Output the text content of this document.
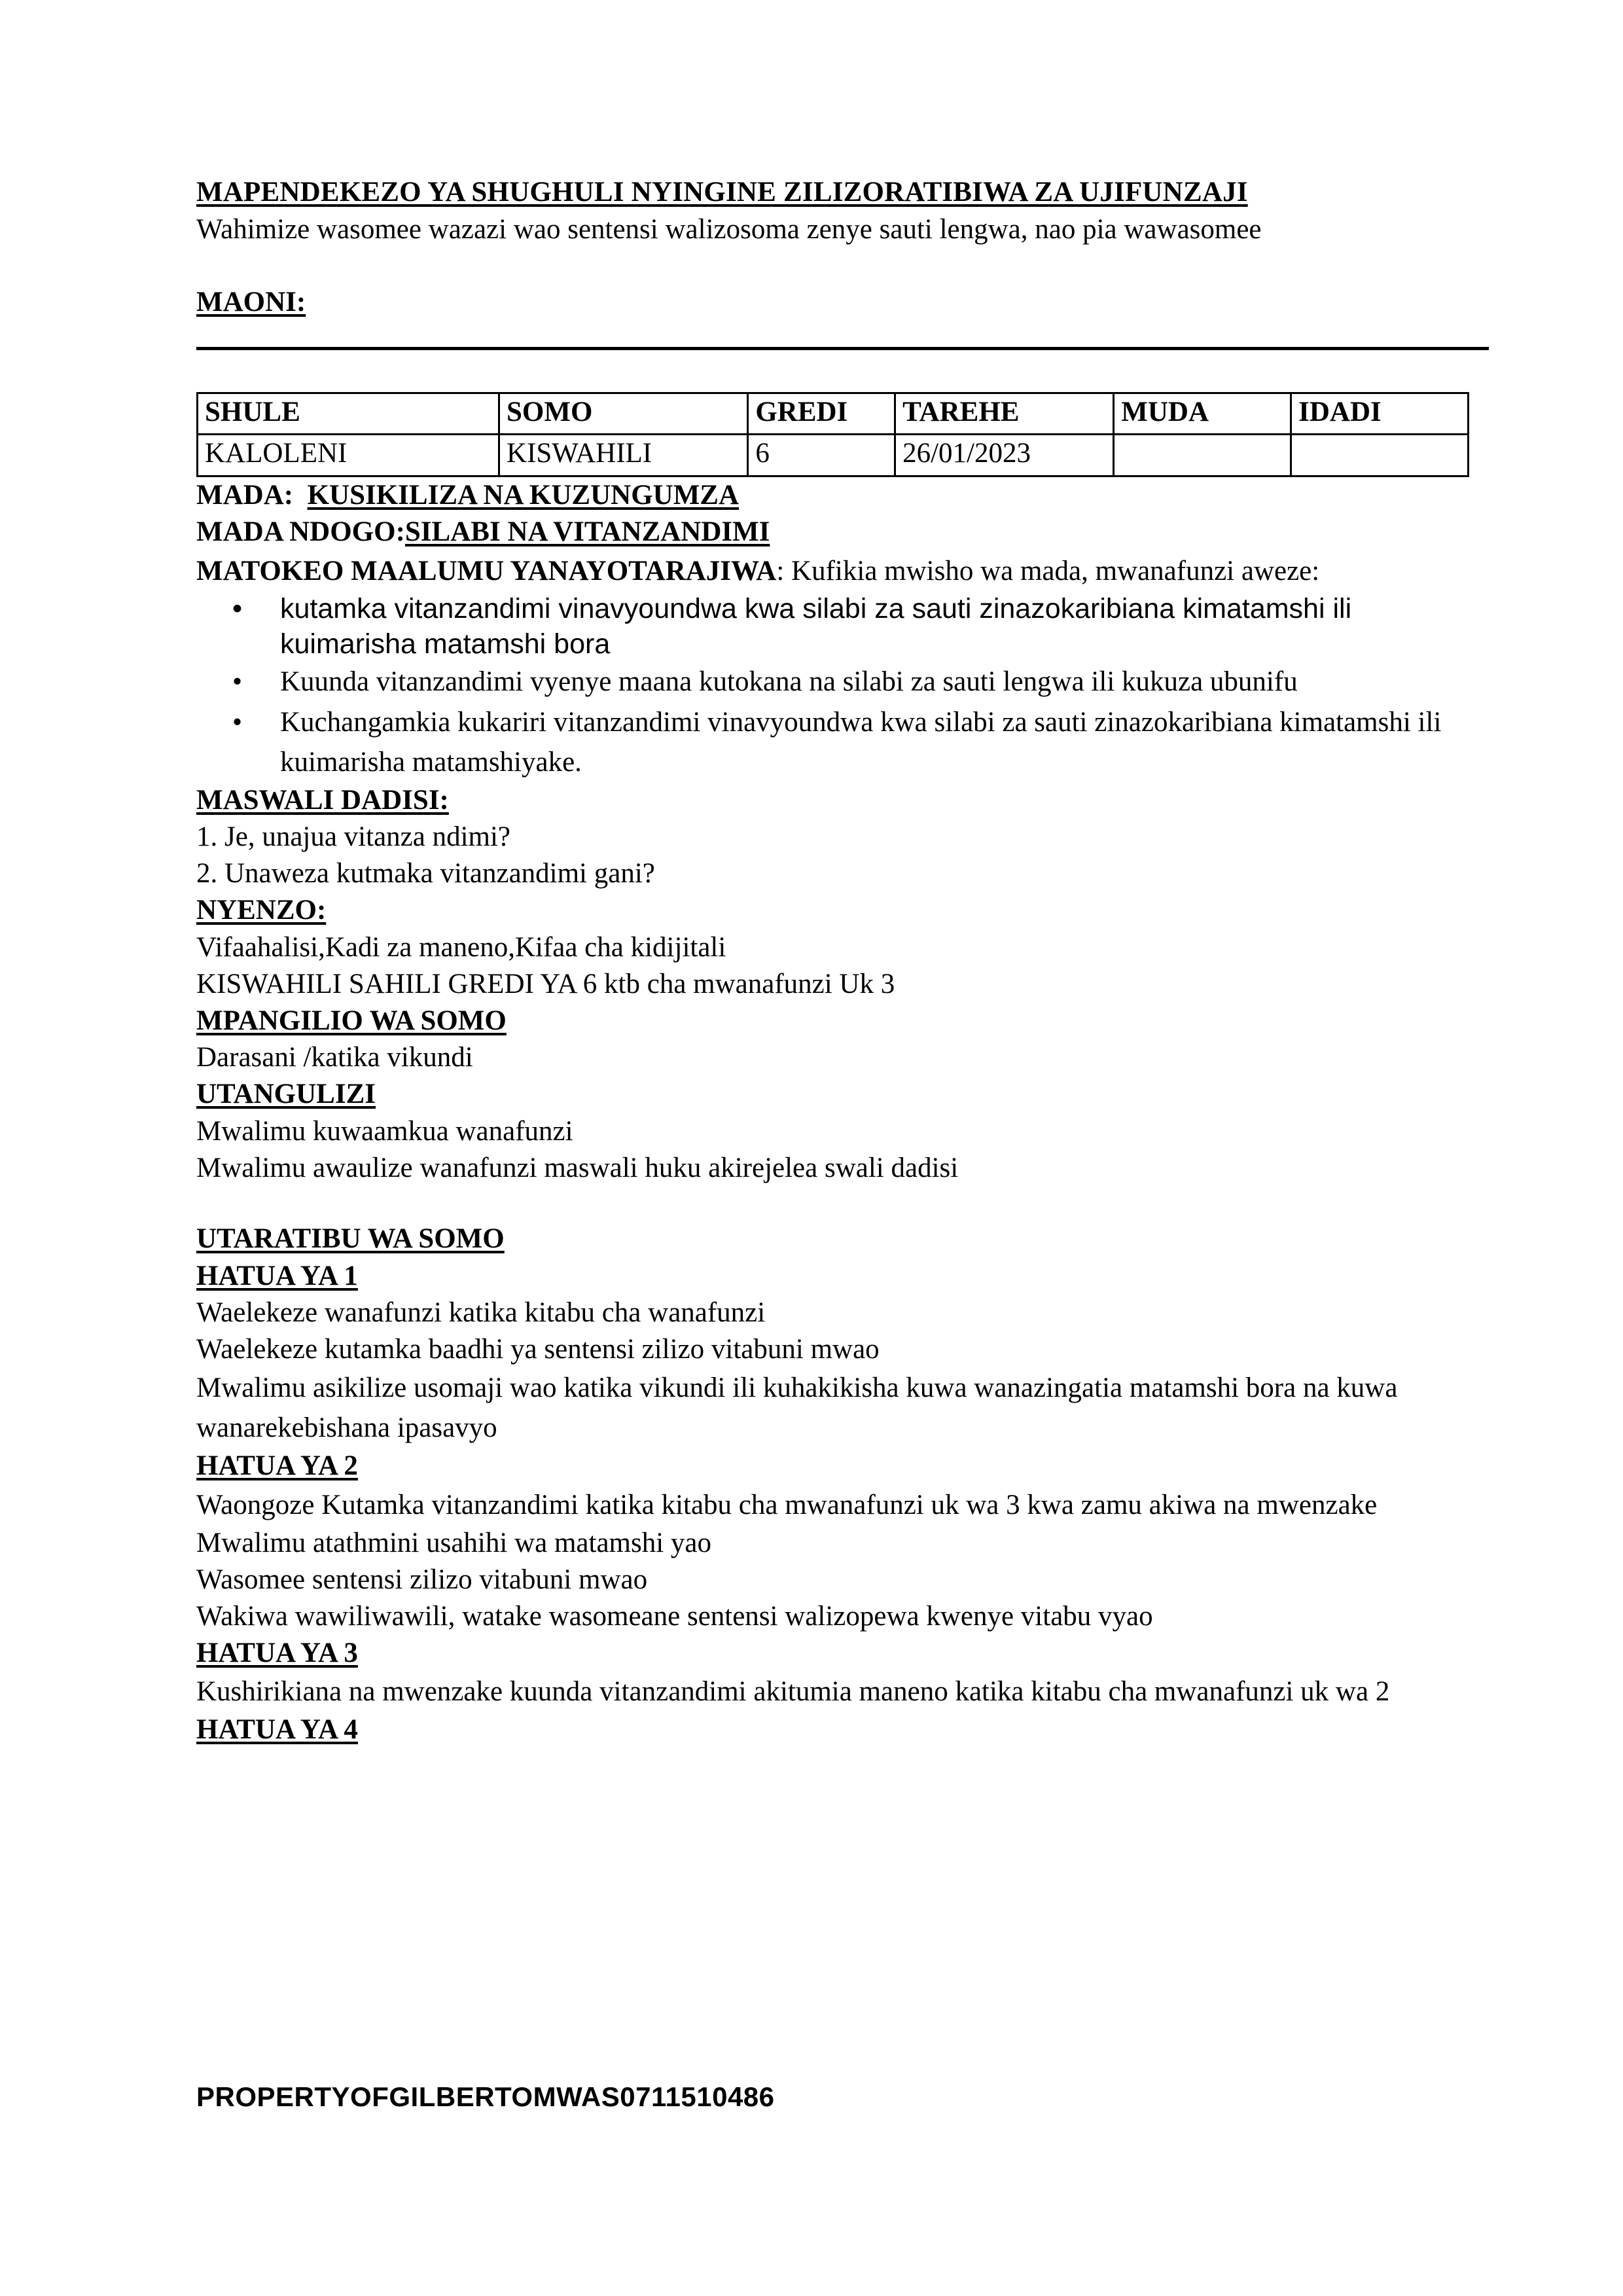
MAPENDEKEZO YA SHUGHULI NYINGINE ZILIZORATIBIWA ZA UJIFUNZAJI
Wahimize wasomee wazazi wao sentensi walizosoma zenye sauti lengwa, nao pia wawasomee
MAONI:
SHULE	SOMO	GREDI	TAREHE	MUDA	IDADI
KALOLENI	KISWAHILI	6	26/01/2023		
MADA: KUSIKILIZA NA KUZUNGUMZA
MADA NDOGO:SILABI NA VITANZANDIMI
MATOKEO MAALUMU YANAYOTARAJIWA: Kufikia mwisho wa mada, mwanafunzi aweze:
• kutamka vitanzandimi vinavyoundwa kwa silabi za sauti zinazokaribiana kimatamshi ili kuimarisha matamshi bora
• Kuunda vitanzandimi vyenye maana kutokana na silabi za sauti lengwa ili kukuza ubunifu
• Kuchangamkia kukariri vitanzandimi vinavyoundwa kwa silabi za sauti zinazokaribiana kimatamshi ili kuimarisha matamshiyake.
MASWALI DADISI:
1. Je, unajua vitanza ndimi?
2. Unaweza kutmaka vitanzandimi gani?
NYENZO:
Vifaahalisi,Kadi za maneno,Kifaa cha kidijitali
KISWAHILI SAHILI GREDI YA 6 ktb cha mwanafunzi Uk 3
MPANGILIO WA SOMO
Darasani /katika vikundi
UTANGULIZI
Mwalimu kuwaamkua wanafunzi
Mwalimu awaulize wanafunzi maswali huku akirejelea swali dadisi
UTARATIBU WA SOMO
HATUA YA 1
Waelekeze wanafunzi katika kitabu cha wanafunzi
Waelekeze kutamka baadhi ya sentensi zilizo vitabuni mwao
Mwalimu asikilize usomaji wao katika vikundi ili kuhakikisha kuwa wanazingatia matamshi bora na kuwa wanarekebishana ipasavyo
HATUA YA 2
Waongoze Kutamka vitanzandimi katika kitabu cha mwanafunzi uk wa 3 kwa zamu akiwa na mwenzake
Mwalimu atathmini usahihi wa matamshi yao
Wasomee sentensi zilizo vitabuni mwao
Wakiwa wawiliwawili, watake wasomeane sentensi walizopewa kwenye vitabu vyao
HATUA YA 3
Kushirikiana na mwenzake kuunda vitanzandimi akitumia maneno katika kitabu cha mwanafunzi uk wa 2
HATUA YA 4
PROPERTYOFGILBERTOMWAS0711510486
